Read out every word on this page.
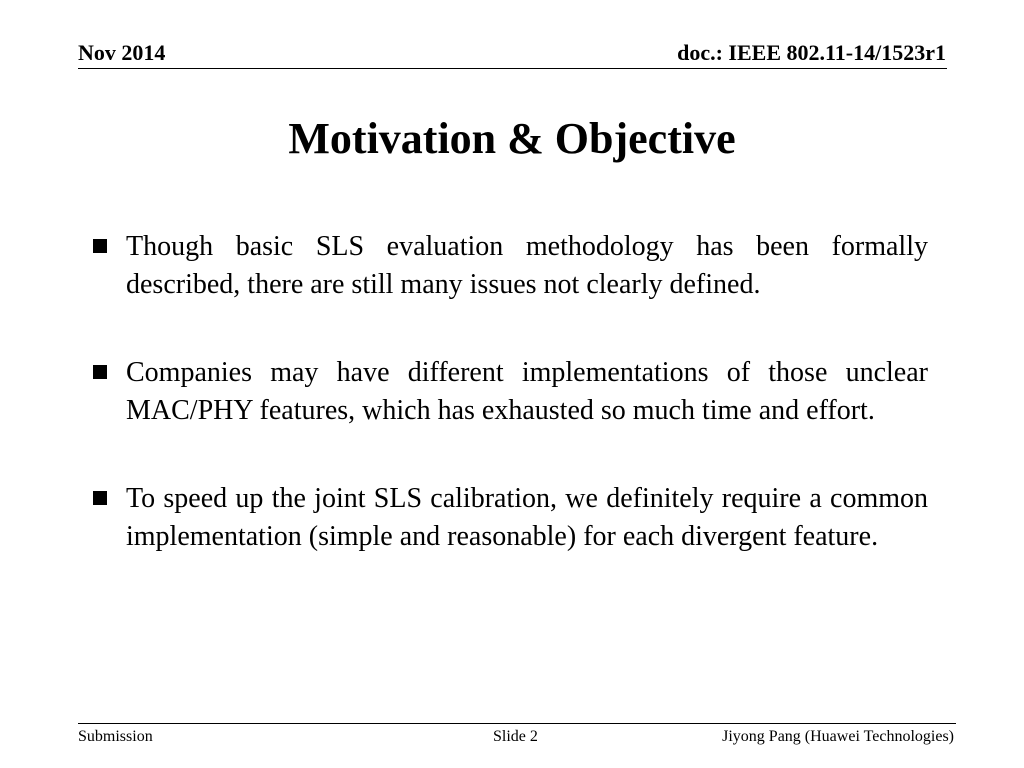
Nov 2014	doc.: IEEE 802.11-14/1523r1
Motivation & Objective
Though basic SLS evaluation methodology has been formally described, there are still many issues not clearly defined.
Companies may have different implementations of those unclear MAC/PHY features, which has exhausted so much time and effort.
To speed up the joint SLS calibration, we definitely require a common implementation (simple and reasonable) for each divergent feature.
Submission	Slide 2	Jiyong Pang (Huawei Technologies)
